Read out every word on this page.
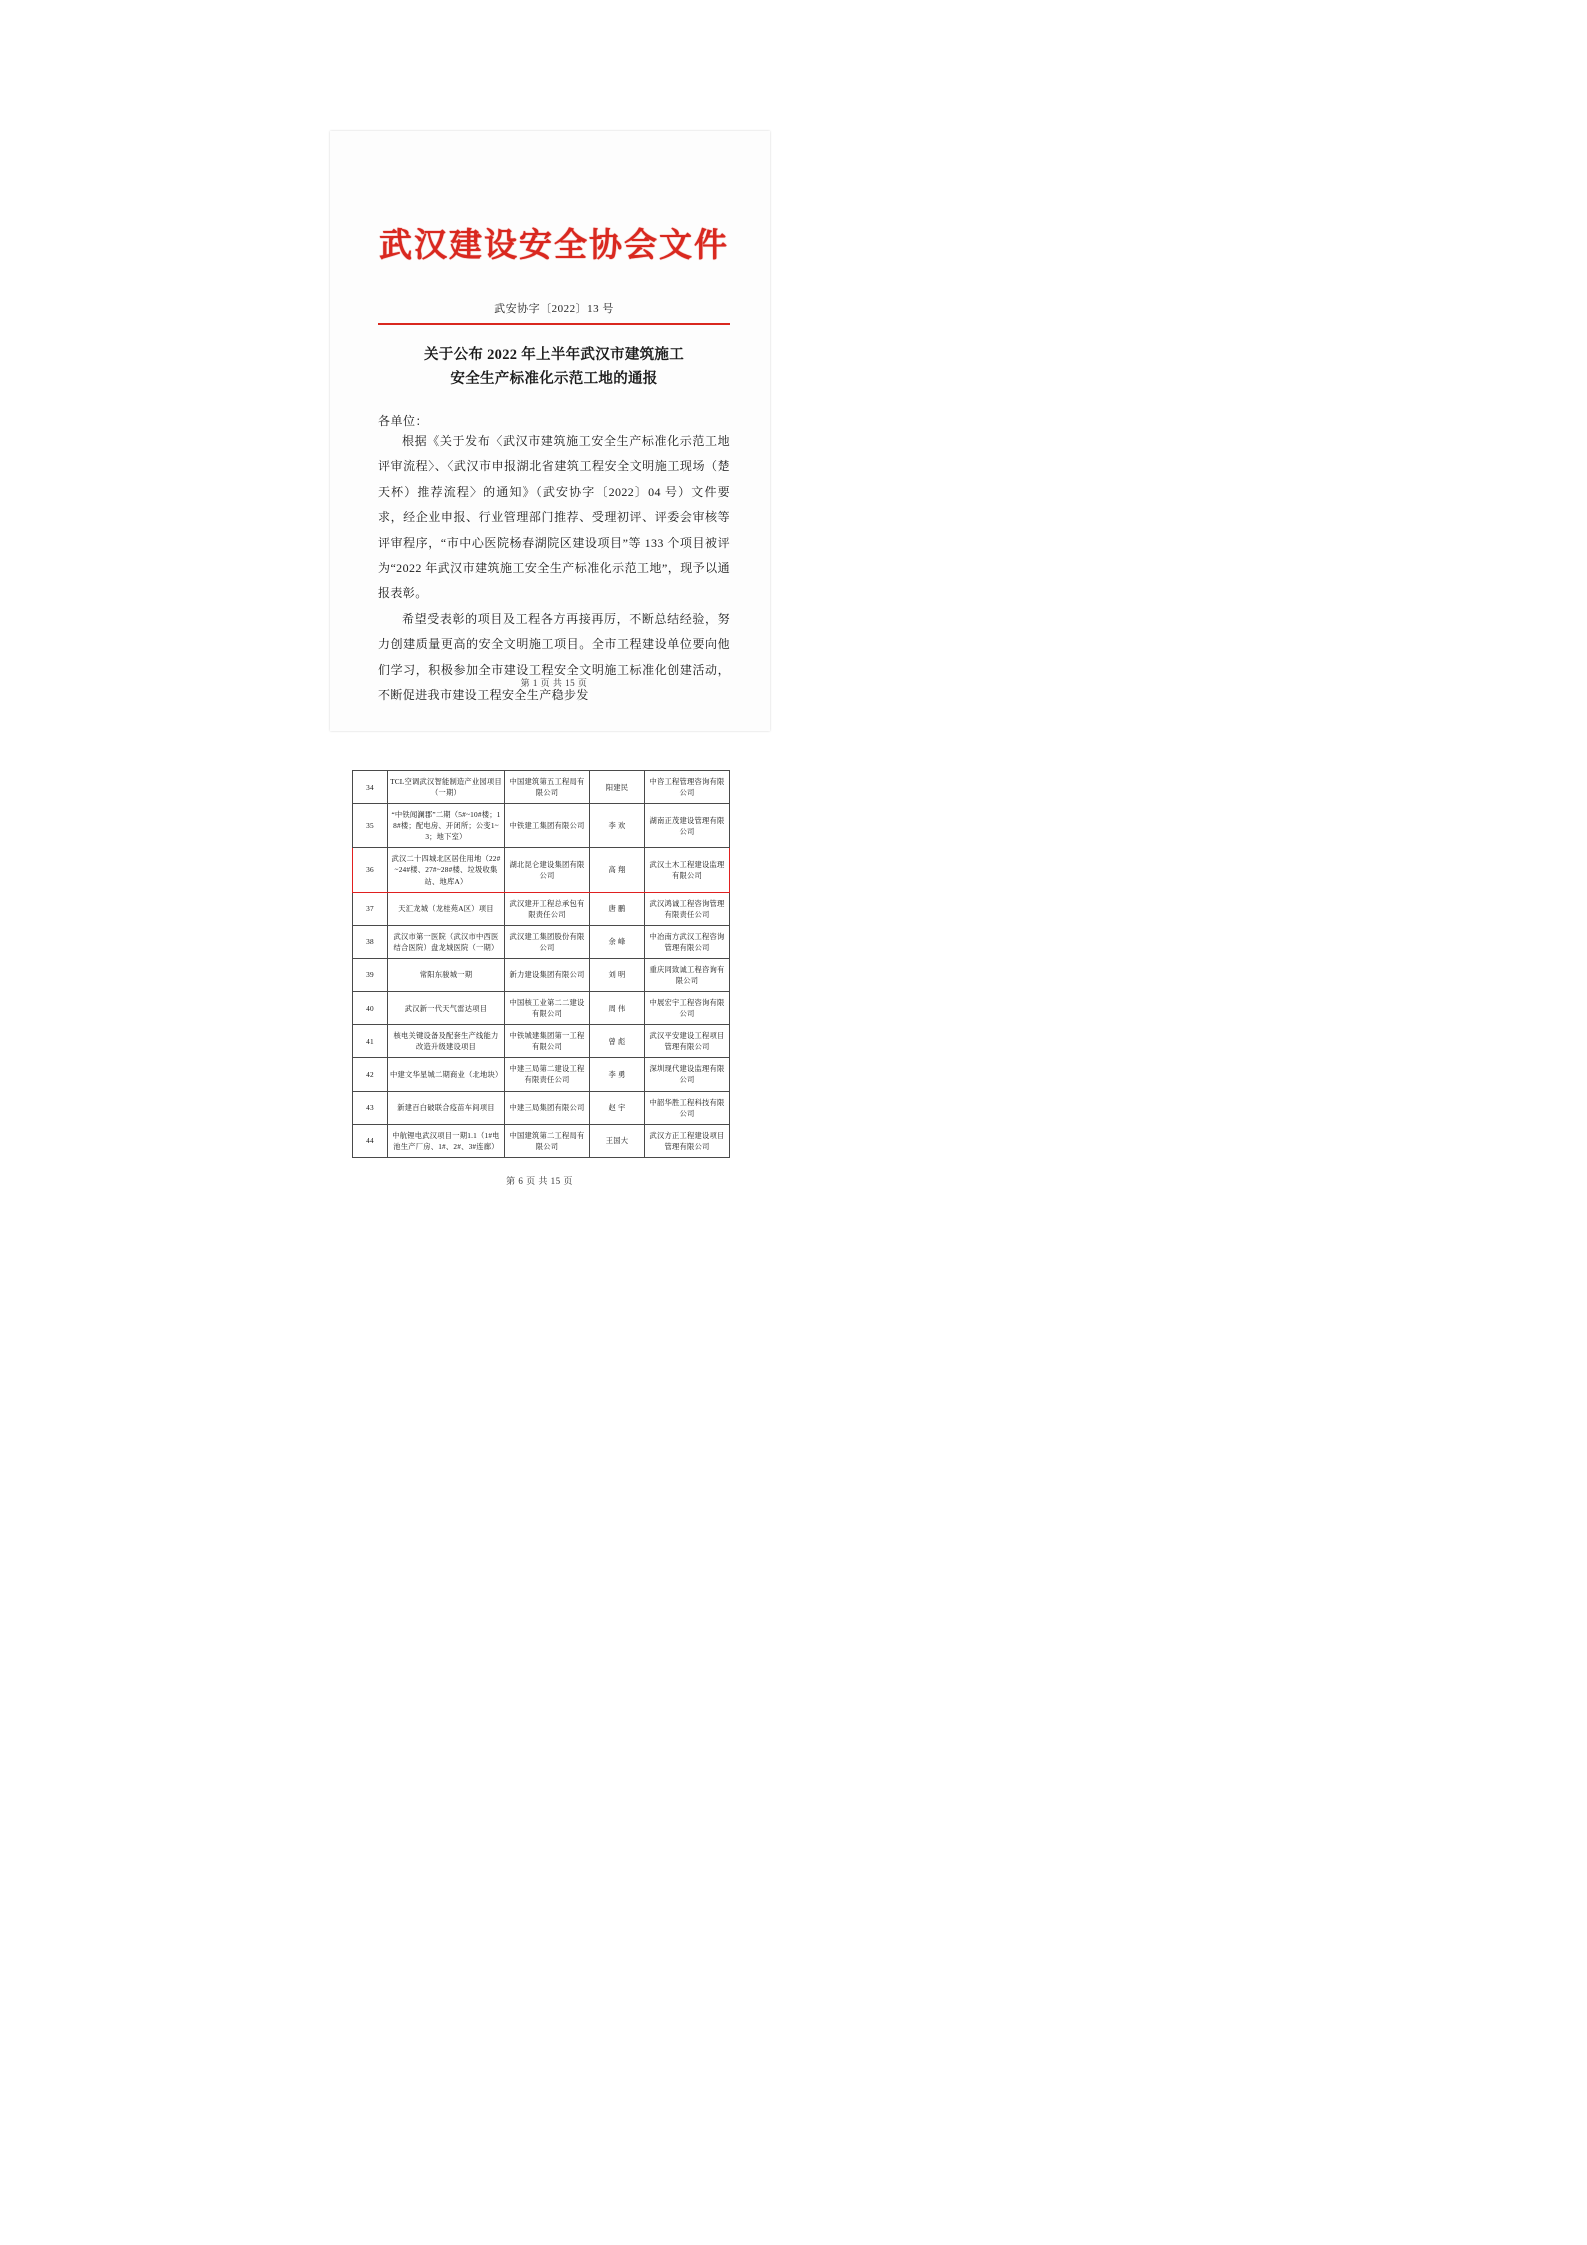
武汉建设安全协会文件
武安协字〔2022〕13 号
关于公布 2022 年上半年武汉市建筑施工
安全生产标准化示范工地的通报
各单位：

根据《关于发布〈武汉市建筑施工安全生产标准化示范工地评审流程〉、〈武汉市申报湖北省建筑工程安全文明施工现场（楚天杯）推荐流程〉的通知》（武安协字〔2022〕04 号）文件要求，经企业申报、行业管理部门推荐、受理初评、评委会审核等评审程序，“市中心医院杨春湖院区建设项目”等 133 个项目被评为“2022 年武汉市建筑施工安全生产标准化示范工地”，现予以通报表彰。

希望受表彰的项目及工程各方再接再厉，不断总结经验，努力创建质量更高的安全文明施工项目。全市工程建设单位要向他们学习，积极参加全市建设工程安全文明施工标准化创建活动，不断促进我市建设工程安全生产稳步发

第 1 页 共 15 页
34	TCL空调武汉智能制造产业园项目（一期）	中国建筑第五工程局有限公司	阳建民	中咨工程管理咨询有限公司
35	“中铁闻澜郡”二期（5#~10#楼；18#楼；配电房、开闭所；公变1~3；地下室）	中铁建工集团有限公司	李 欢	湖南正茂建设管理有限公司
36	武汉二十四城北区居住用地（22#~24#楼、27#~28#楼、垃圾收集站、地库A）	湖北昆仑建设集团有限公司	高 翔	武汉土木工程建设监理有限公司
37	天汇龙城（龙桂苑A区）项目	武汉建开工程总承包有限责任公司	唐 鹏	武汉鸿诚工程咨询管理有限责任公司
38	武汉市第一医院（武汉市中西医结合医院）盘龙城医院（一期）	武汉建工集团股份有限公司	余 峰	中冶南方武汉工程咨询管理有限公司
39	常阳东骏城一期	新力建设集团有限公司	刘 明	重庆同致诚工程咨询有限公司
40	武汉新一代天气雷达项目	中国核工业第二二建设有限公司	周 伟	中展宏宇工程咨询有限公司
41	核电关键设备及配套生产线能力改造升级建设项目	中铁城建集团第一工程有限公司	曾 彪	武汉平安建设工程项目管理有限公司
42	中建文华星城二期商业（北地块）	中建三局第二建设工程有限责任公司	李 勇	深圳现代建设监理有限公司
43	新建百白破联合疫苗车间项目	中建三局集团有限公司	赵 宇	中韶华胜工程科技有限公司
44	中航锂电武汉项目一期1.1（1#电池生产厂房、1#、2#、3#连廊）	中国建筑第二工程局有限公司	王国大	武汉方正工程建设项目管理有限公司
第 6 页 共 15 页
